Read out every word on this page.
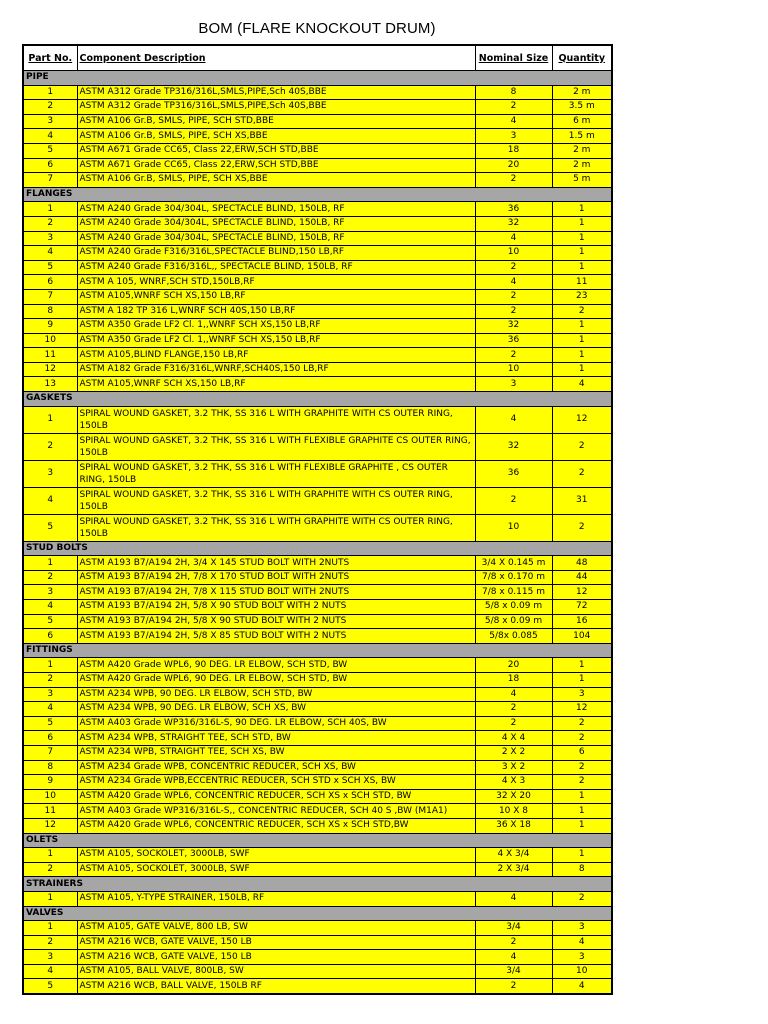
BOM (FLARE KNOCKOUT DRUM)
Part No.	Component Description	Nominal Size	Quantity
PIPE			
1	ASTM A312 Grade TP316/316L,SMLS,PIPE,Sch 40S,BBE	8	2 m
2	ASTM A312 Grade TP316/316L,SMLS,PIPE,Sch 40S,BBE	2	3.5 m
3	ASTM A106 Gr.B, SMLS, PIPE, SCH STD,BBE	4	6 m
4	ASTM A106 Gr.B, SMLS, PIPE, SCH XS,BBE	3	1.5 m
5	ASTM A671 Grade CC65, Class 22,ERW,SCH STD,BBE	18	2 m
6	ASTM A671 Grade CC65, Class 22,ERW,SCH STD,BBE	20	2 m
7	ASTM A106 Gr.B, SMLS, PIPE, SCH XS,BBE	2	5 m
FLANGES			
1	ASTM A240 Grade 304/304L, SPECTACLE BLIND, 150LB, RF	36	1
2	ASTM A240 Grade 304/304L, SPECTACLE BLIND, 150LB, RF	32	1
3	ASTM A240 Grade 304/304L, SPECTACLE BLIND, 150LB, RF	4	1
4	ASTM A240 Grade F316/316L,SPECTACLE BLIND,150 LB,RF	10	1
5	ASTM A240 Grade F316/316L,, SPECTACLE BLIND, 150LB, RF	2	1
6	ASTM A 105, WNRF,SCH STD,150LB,RF	4	11
7	ASTM A105,WNRF SCH XS,150 LB,RF	2	23
8	ASTM A 182 TP 316 L,WNRF SCH 40S,150 LB,RF	2	2
9	ASTM A350 Grade LF2 Cl. 1,,WNRF SCH XS,150 LB,RF	32	1
10	ASTM A350 Grade LF2 Cl. 1,,WNRF SCH XS,150 LB,RF	36	1
11	ASTM A105,BLIND FLANGE,150 LB,RF	2	1
12	ASTM A182 Grade F316/316L,WNRF,SCH40S,150 LB,RF	10	1
13	ASTM A105,WNRF SCH XS,150 LB,RF	3	4
GASKETS			
1	SPIRAL WOUND GASKET, 3.2 THK, SS 316 L WITH GRAPHITE WITH CS OUTER RING, 150LB	4	12
2	SPIRAL WOUND GASKET, 3.2 THK, SS 316 L WITH FLEXIBLE GRAPHITE CS OUTER RING, 150LB	32	2
3	SPIRAL WOUND GASKET, 3.2 THK, SS 316 L WITH FLEXIBLE GRAPHITE , CS OUTER RING, 150LB	36	2
4	SPIRAL WOUND GASKET, 3.2 THK, SS 316 L WITH GRAPHITE WITH CS OUTER RING, 150LB	2	31
5	SPIRAL WOUND GASKET, 3.2 THK, SS 316 L WITH GRAPHITE WITH CS OUTER RING, 150LB	10	2
STUD BOLTS			
1	ASTM A193 B7/A194 2H, 3/4 X 145 STUD BOLT WITH 2NUTS	3/4 X 0.145 m	48
2	ASTM A193 B7/A194 2H, 7/8 X 170 STUD BOLT WITH 2NUTS	7/8 x 0.170 m	44
3	ASTM A193 B7/A194 2H, 7/8 X 115 STUD BOLT WITH 2NUTS	7/8 x 0.115 m	12
4	ASTM A193 B7/A194 2H, 5/8 X 90 STUD BOLT WITH 2 NUTS	5/8 x 0.09 m	72
5	ASTM A193 B7/A194 2H, 5/8 X 90 STUD BOLT WITH 2 NUTS	5/8 x 0.09 m	16
6	ASTM A193 B7/A194 2H, 5/8 X 85 STUD BOLT WITH 2 NUTS	5/8x 0.085	104
FITTINGS			
1	ASTM A420 Grade WPL6, 90 DEG. LR ELBOW, SCH STD, BW	20	1
2	ASTM A420 Grade WPL6, 90 DEG. LR ELBOW, SCH STD, BW	18	1
3	ASTM A234 WPB, 90 DEG. LR ELBOW, SCH STD, BW	4	3
4	ASTM A234 WPB, 90 DEG. LR ELBOW, SCH XS, BW	2	12
5	ASTM A403 Grade WP316/316L-S, 90 DEG. LR ELBOW, SCH 40S, BW	2	2
6	ASTM A234 WPB, STRAIGHT TEE, SCH STD, BW	4 X 4	2
7	ASTM A234 WPB, STRAIGHT TEE, SCH XS, BW	2 X 2	6
8	ASTM A234 Grade WPB, CONCENTRIC REDUCER, SCH XS, BW	3 X 2	2
9	ASTM A234 Grade WPB,ECCENTRIC REDUCER, SCH STD x SCH XS, BW	4 X 3	2
10	ASTM A420 Grade WPL6, CONCENTRIC REDUCER, SCH XS x SCH STD, BW	32 X 20	1
11	ASTM A403 Grade WP316/316L-S,, CONCENTRIC REDUCER, SCH 40 S ,BW (M1A1)	10 X 8	1
12	ASTM A420 Grade WPL6, CONCENTRIC REDUCER, SCH XS x SCH STD,BW	36 X 18	1
OLETS			
1	ASTM A105, SOCKOLET, 3000LB, SWF	4 X 3/4	1
2	ASTM A105, SOCKOLET, 3000LB, SWF	2 X 3/4	8
STRAINERS			
1	ASTM A105, Y-TYPE STRAINER, 150LB, RF	4	2
VALVES			
1	ASTM A105, GATE VALVE, 800 LB, SW	3/4	3
2	ASTM A216 WCB, GATE VALVE, 150 LB	2	4
3	ASTM A216 WCB, GATE VALVE, 150 LB	4	3
4	ASTM A105, BALL VALVE, 800LB, SW	3/4	10
5	ASTM A216 WCB, BALL VALVE, 150LB RF	2	4
